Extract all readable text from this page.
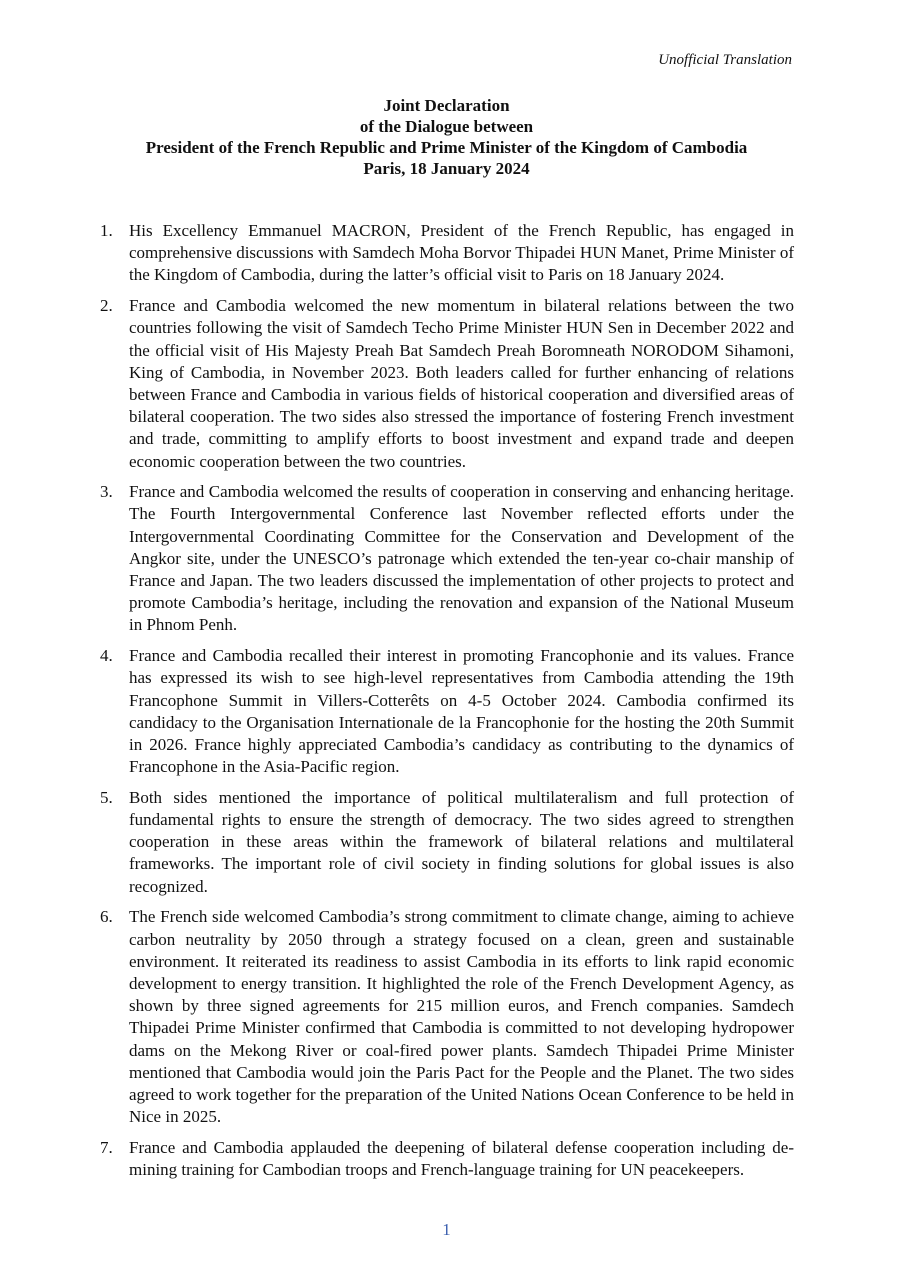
Unofficial Translation
Joint Declaration
of the Dialogue between
President of the French Republic and Prime Minister of the Kingdom of Cambodia
Paris, 18 January 2024
1. His Excellency Emmanuel MACRON, President of the French Republic, has engaged in comprehensive discussions with Samdech Moha Borvor Thipadei HUN Manet, Prime Minister of the Kingdom of Cambodia, during the latter’s official visit to Paris on 18 January 2024.
2. France and Cambodia welcomed the new momentum in bilateral relations between the two countries following the visit of Samdech Techo Prime Minister HUN Sen in December 2022 and the official visit of His Majesty Preah Bat Samdech Preah Boromneath NORODOM Sihamoni, King of Cambodia, in November 2023. Both leaders called for further enhancing of relations between France and Cambodia in various fields of historical cooperation and diversified areas of bilateral cooperation. The two sides also stressed the importance of fostering French investment and trade, committing to amplify efforts to boost investment and expand trade and deepen economic cooperation between the two countries.
3. France and Cambodia welcomed the results of cooperation in conserving and enhancing heritage. The Fourth Intergovernmental Conference last November reflected efforts under the Intergovernmental Coordinating Committee for the Conservation and Development of the Angkor site, under the UNESCO’s patronage which extended the ten-year co-chair manship of France and Japan. The two leaders discussed the implementation of other projects to protect and promote Cambodia’s heritage, including the renovation and expansion of the National Museum in Phnom Penh.
4. France and Cambodia recalled their interest in promoting Francophonie and its values. France has expressed its wish to see high-level representatives from Cambodia attending the 19th Francophone Summit in Villers-Cotterêts on 4-5 October 2024. Cambodia confirmed its candidacy to the Organisation Internationale de la Francophonie for the hosting the 20th Summit in 2026. France highly appreciated Cambodia’s candidacy as contributing to the dynamics of Francophone in the Asia-Pacific region.
5. Both sides mentioned the importance of political multilateralism and full protection of fundamental rights to ensure the strength of democracy. The two sides agreed to strengthen cooperation in these areas within the framework of bilateral relations and multilateral frameworks. The important role of civil society in finding solutions for global issues is also recognized.
6. The French side welcomed Cambodia’s strong commitment to climate change, aiming to achieve carbon neutrality by 2050 through a strategy focused on a clean, green and sustainable environment. It reiterated its readiness to assist Cambodia in its efforts to link rapid economic development to energy transition. It highlighted the role of the French Development Agency, as shown by three signed agreements for 215 million euros, and French companies. Samdech Thipadei Prime Minister confirmed that Cambodia is committed to not developing hydropower dams on the Mekong River or coal-fired power plants. Samdech Thipadei Prime Minister mentioned that Cambodia would join the Paris Pact for the People and the Planet. The two sides agreed to work together for the preparation of the United Nations Ocean Conference to be held in Nice in 2025.
7. France and Cambodia applauded the deepening of bilateral defense cooperation including de-mining training for Cambodian troops and French-language training for UN peacekeepers.
1
